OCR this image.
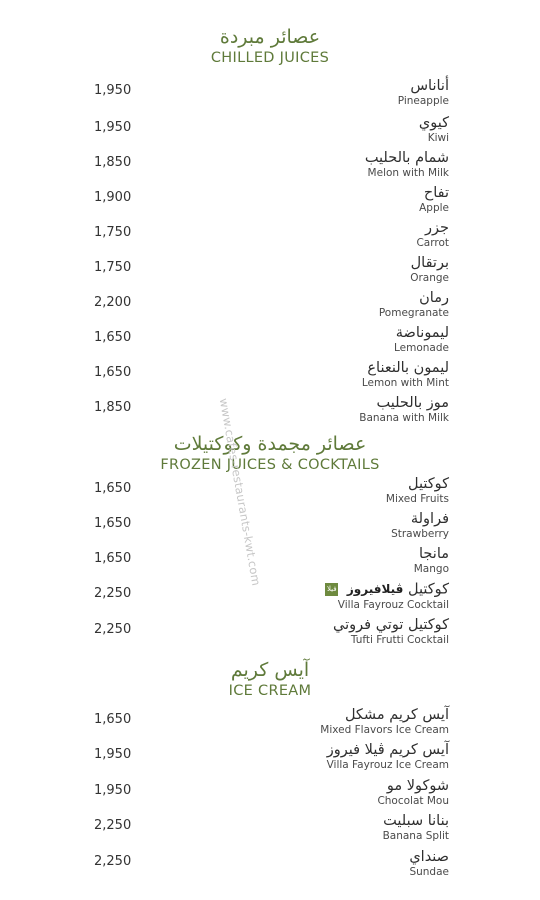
عصائر مبردة
CHILLED JUICES
1,950	أناناس
Pineapple
1,950	كيوي
Kiwi
1,850	شمام بالحليب
Melon with Milk
1,900	تفاح
Apple
1,750	جزر
Carrot
1,750	برتقال
Orange
2,200	رمان
Pomegranate
1,650	ليموناضة
Lemonade
1,650	ليمون بالنعناع
Lemon with Mint
1,850	موز بالحليب
Banana with Milk
عصائر مجمدة وكوكتيلات
FROZEN JUICES & COCKTAILS
1,650	كوكتيل
Mixed Fruits
1,650	فراولة
Strawberry
1,650	مانجا
Mango
2,250	كوكتيل ڤيلافيروز فيلا
Villa Fayrouz Cocktail
2,250	كوكتيل توتي فروتي
Tufti Frutti Cocktail
آيس كريم
ICE CREAM
1,650	آيس كريم مشكل
Mixed Flavors Ice Cream
1,950	آيس كريم ڤيلا فيروز
Villa Fayrouz Ice Cream
1,950	شوكولا مو
Chocolat Mou
2,250	بنانا سبليت
Banana Split
2,250	صنداي
Sundae
www.cafes-restaurants-kwt.com
